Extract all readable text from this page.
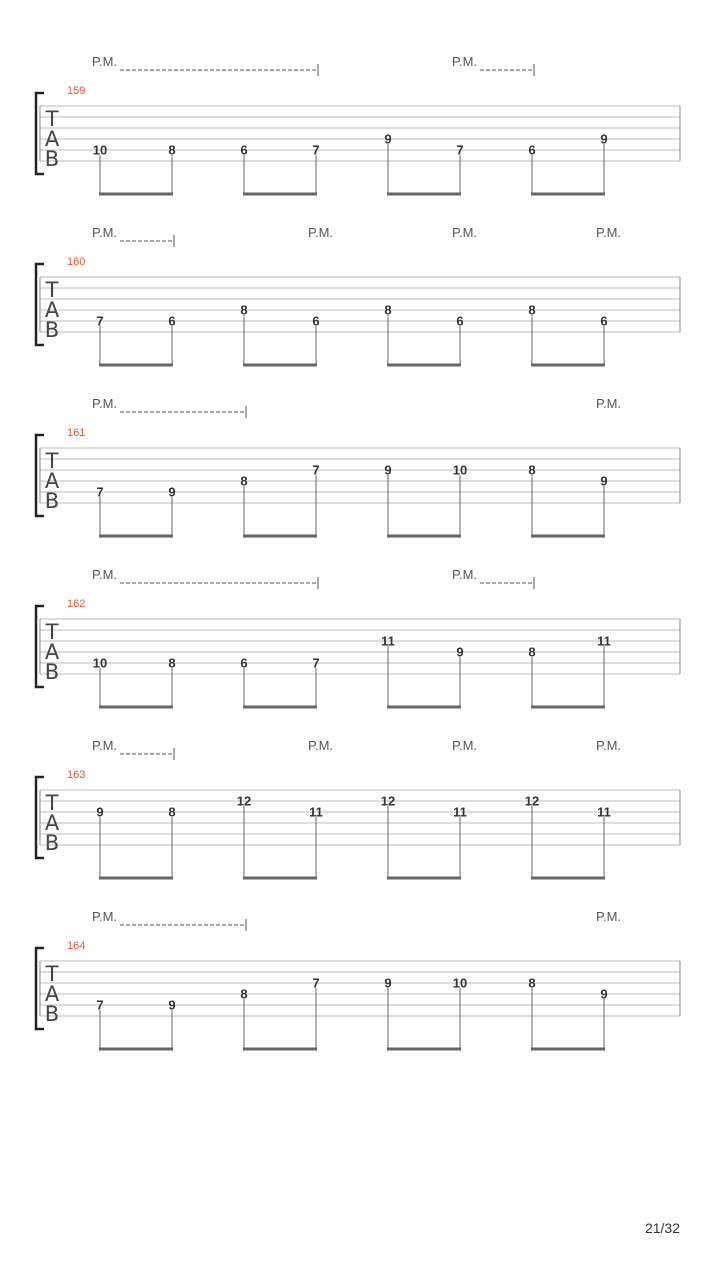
T
A
B
159
10	8	6	7
9
7	6
9
P.M.	P.M.
T
A
B
160
7	6
8
6
8
6
8
6
P.M.	P.M.	P.M.	P.M.
T
A
B
161
7	9
8
7	9	10	8
9
P.M.	P.M.
T
A
B
162
10	8	6	7
11
9	8
11
P.M.	P.M.
T
A
B
163
9	8
12
11
12
11
12
11
P.M.	P.M.	P.M.	P.M.
T
A
B
164
7	9
8
7	9	10	8
9
P.M.	P.M.
21/32
